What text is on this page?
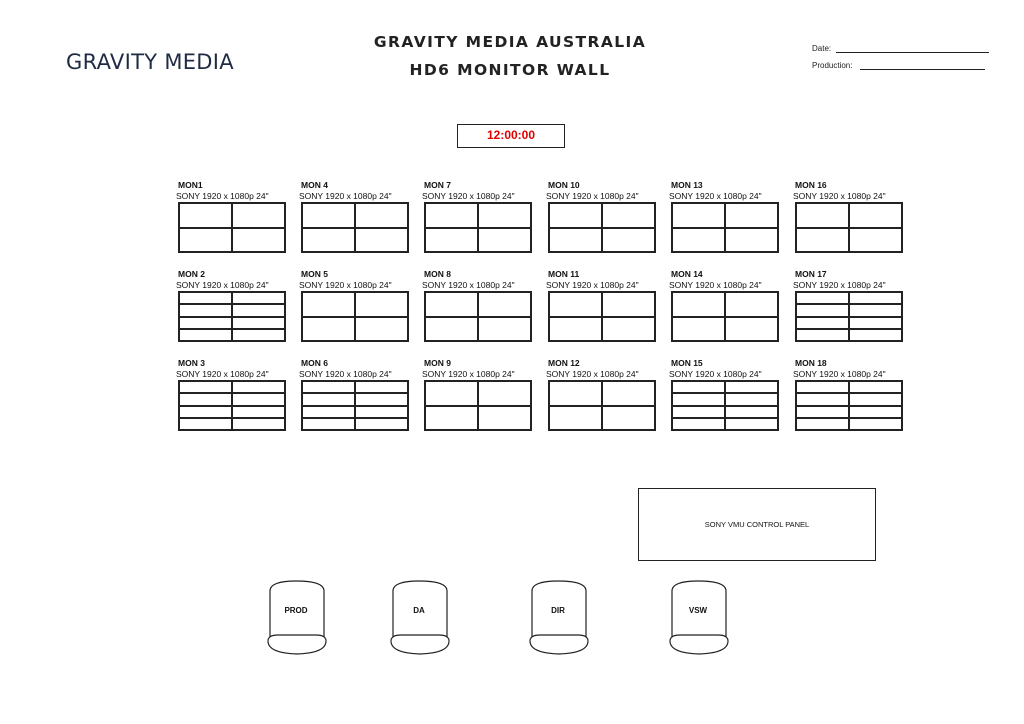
GRAVITY MEDIA
GRAVITY MEDIA AUSTRALIA
HD6 MONITOR WALL
Date:
Production:
12:00:00
MON1
SONY 1920 x 1080p 24"
MON 2
SONY 1920 x 1080p 24"
MON 3
SONY 1920 x 1080p 24"
MON 4
SONY 1920 x 1080p 24"
MON 5
SONY 1920 x 1080p 24"
MON 6
SONY 1920 x 1080p 24"
MON 7
SONY 1920 x 1080p 24"
MON 8
SONY 1920 x 1080p 24"
MON 9
SONY 1920 x 1080p 24"
MON 10
SONY 1920 x 1080p 24"
MON 11
SONY 1920 x 1080p 24"
MON 12
SONY 1920 x 1080p 24"
MON 13
SONY 1920 x 1080p 24"
MON 14
SONY 1920 x 1080p 24"
MON 15
SONY 1920 x 1080p 24"
MON 16
SONY 1920 x 1080p 24"
MON 17
SONY 1920 x 1080p 24"
MON 18
SONY 1920 x 1080p 24"
SONY VMU CONTROL PANEL
PROD	DA	DIR	VSW
